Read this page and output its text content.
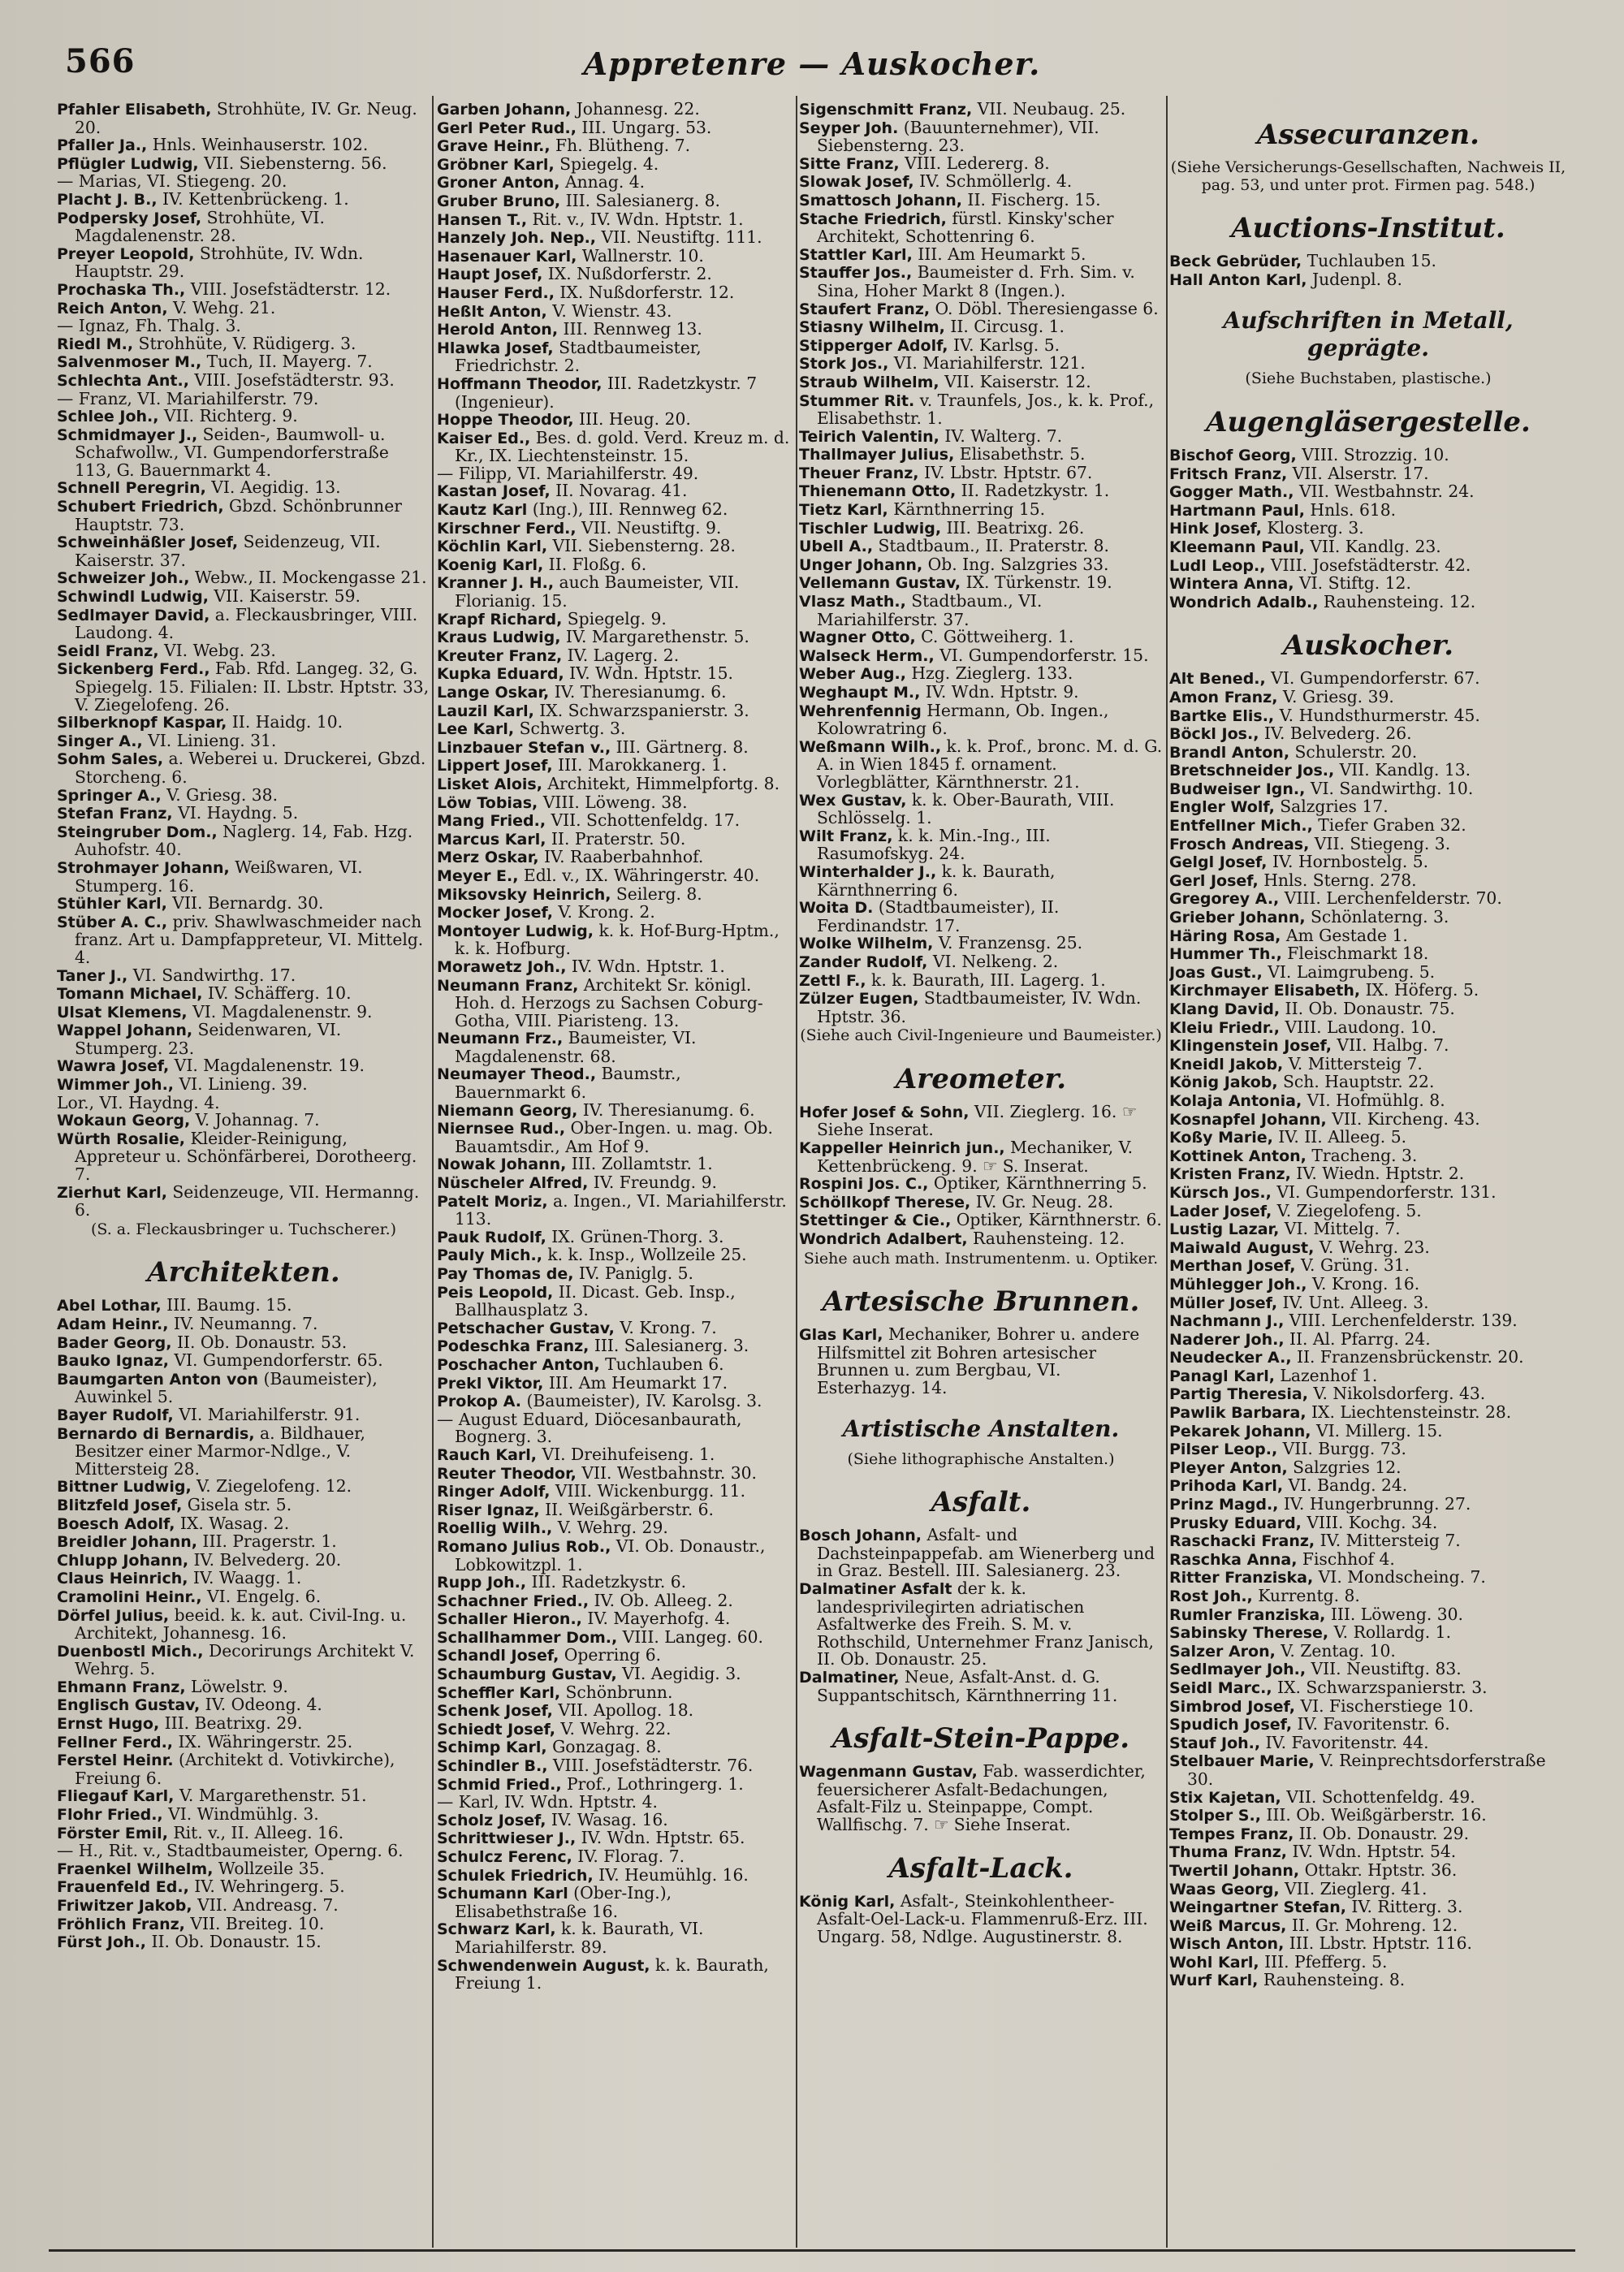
566	Appretenre — Auskocher.
Pfahler Elisabeth, Strohhüte, IV. Gr. Neug. 20.
Pfaller Ja., Hnls. Weinhauserstr. 102.
Pflügler Ludwig, VII. Siebensterng. 56.
— Marias, VI. Stiegeng. 20.
Placht J. B., IV. Kettenbrückeng. 1.
Podpersky Josef, Strohhüte, VI. Magdalenenstr. 28.
Preyer Leopold, Strohhüte, IV. Wdn. Hauptstr. 29.
Prochaska Th., VIII. Josefstädterstr. 12.
Reich Anton, V. Wehg. 21.
— Ignaz, Fh. Thalg. 3.
Riedl M., Strohhüte, V. Rüdigerg. 3.
Salvenmoser M., Tuch, II. Mayerg. 7.
Schlechta Ant., VIII. Josefstädterstr. 93.
— Franz, VI. Mariahilferstr. 79.
Schlee Joh., VII. Richterg. 9.
Schmidmayer J., Seiden-, Baumwoll- u. Schafwollw., VI. Gumpendorferstraße 113, G. Bauernmarkt 4.
Schnell Peregrin, VI. Aegidig. 13.
Schubert Friedrich, Gbzd. Schönbrunner Hauptstr. 73.
Schweinhäßler Josef, Seidenzeug, VII. Kaiserstr. 37.
Schweizer Joh., Webw., II. Mockengasse 21.
Schwindl Ludwig, VII. Kaiserstr. 59.
Sedlmayer David, a. Fleckausbringer, VIII. Laudong. 4.
Seidl Franz, VI. Webg. 23.
Sickenberg Ferd., Fab. Rfd. Langeg. 32, G. Spiegelg. 15. Filialen: II. Lbstr. Hptstr. 33, V. Ziegelofeng. 26.
Silberknopf Kaspar, II. Haidg. 10.
Singer A., VI. Linieng. 31.
Sohm Sales, a. Weberei u. Druckerei, Gbzd. Storcheng. 6.
Springer A., V. Griesg. 38.
Stefan Franz, VI. Haydng. 5.
Steingruber Dom., Naglerg. 14, Fab. Hzg. Auhofstr. 40.
Strohmayer Johann, Weißwaren, VI. Stumperg. 16.
Stühler Karl, VII. Bernardg. 30.
Stüber A. C., priv. Shawlwaschmeider nach franz. Art u. Dampfappreteur, VI. Mittelg. 4.
Taner J., VI. Sandwirthg. 17.
Tomann Michael, IV. Schäfferg. 10.
Ulsat Klemens, VI. Magdalenenstr. 9.
Wappel Johann, Seidenwaren, VI. Stumperg. 23.
Wawra Josef, VI. Magdalenenstr. 19.
Wimmer Joh., VI. Linieng. 39.
Lor., VI. Haydng. 4.
Wokaun Georg, V. Johannag. 7.
Würth Rosalie, Kleider-Reinigung, Appreteur u. Schönfärberei, Dorotheerg. 7.
Zierhut Karl, Seidenzeuge, VII. Hermanng. 6.
(S. a. Fleckausbringer u. Tuchscherer.)
Architekten.
Abel Lothar, III. Baumg. 15.
Adam Heinr., IV. Neumanng. 7.
Bader Georg, II. Ob. Donaustr. 53.
Bauko Ignaz, VI. Gumpendorferstr. 65.
Baumgarten Anton von (Baumeister), Auwinkel 5.
Bayer Rudolf, VI. Mariahilferstr. 91.
Bernardo di Bernardis, a. Bildhauer, Besitzer einer Marmor-Ndlge., V. Mittersteig 28.
Bittner Ludwig, V. Ziegelofeng. 12.
Blitzfeld Josef, Gisela str. 5.
Boesch Adolf, IX. Wasag. 2.
Breidler Johann, III. Pragerstr. 1.
Chlupp Johann, IV. Belvederg. 20.
Claus Heinrich, IV. Waagg. 1.
Cramolini Heinr., VI. Engelg. 6.
Dörfel Julius, beeid. k. k. aut. Civil-Ing. u. Architekt, Johannesg. 16.
Duenbostl Mich., Decorirungs Architekt V. Wehrg. 5.
Ehmann Franz, Löwelstr. 9.
Englisch Gustav, IV. Odeong. 4.
Ernst Hugo, III. Beatrixg. 29.
Fellner Ferd., IX. Währingerstr. 25.
Ferstel Heinr. (Architekt d. Votivkirche), Freiung 6.
Fliegauf Karl, V. Margarethenstr. 51.
Flohr Fried., VI. Windmühlg. 3.
Förster Emil, Rit. v., II. Alleeg. 16.
— H., Rit. v., Stadtbaumeister, Operng. 6.
Fraenkel Wilhelm, Wollzeile 35.
Frauenfeld Ed., IV. Wehringerg. 5.
Friwitzer Jakob, VII. Andreasg. 7.
Fröhlich Franz, VII. Breiteg. 10.
Fürst Joh., II. Ob. Donaustr. 15.
Garben Johann, Johannesg. 22.
Gerl Peter Rud., III. Ungarg. 53.
Grave Heinr., Fh. Blütheng. 7.
Gröbner Karl, Spiegelg. 4.
Groner Anton, Annag. 4.
Gruber Bruno, III. Salesianerg. 8.
Hansen T., Rit. v., IV. Wdn. Hptstr. 1.
Hanzely Joh. Nep., VII. Neustiftg. 111.
Hasenauer Karl, Wallnerstr. 10.
Haupt Josef, IX. Nußdorferstr. 2.
Hauser Ferd., IX. Nußdorferstr. 12.
Heßlt Anton, V. Wienstr. 43.
Herold Anton, III. Rennweg 13.
Hlawka Josef, Stadtbaumeister, Friedrichstr. 2.
Hoffmann Theodor, III. Radetzkystr. 7 (Ingenieur).
Hoppe Theodor, III. Heug. 20.
Kaiser Ed., Bes. d. gold. Verd. Kreuz m. d. Kr., IX. Liechtensteinstr. 15.
— Filipp, VI. Mariahilferstr. 49.
Kastan Josef, II. Novarag. 41.
Kautz Karl (Ing.), III. Rennweg 62.
Kirschner Ferd., VII. Neustiftg. 9.
Köchlin Karl, VII. Siebensterng. 28.
Koenig Karl, II. Floßg. 6.
Kranner J. H., auch Baumeister, VII. Florianig. 15.
Krapf Richard, Spiegelg. 9.
Kraus Ludwig, IV. Margarethenstr. 5.
Kreuter Franz, IV. Lagerg. 2.
Kupka Eduard, IV. Wdn. Hptstr. 15.
Lange Oskar, IV. Theresianumg. 6.
Lauzil Karl, IX. Schwarzspanierstr. 3.
Lee Karl, Schwertg. 3.
Linzbauer Stefan v., III. Gärtnerg. 8.
Lippert Josef, III. Marokkanerg. 1.
Lisket Alois, Architekt, Himmelpfortg. 8.
Löw Tobias, VIII. Löweng. 38.
Mang Fried., VII. Schottenfeldg. 17.
Marcus Karl, II. Praterstr. 50.
Merz Oskar, IV. Raaberbahnhof.
Meyer E., Edl. v., IX. Währingerstr. 40.
Miksovsky Heinrich, Seilerg. 8.
Mocker Josef, V. Krong. 2.
Montoyer Ludwig, k. k. Hof-Burg-Hptm., k. k. Hofburg.
Morawetz Joh., IV. Wdn. Hptstr. 1.
Neumann Franz, Architekt Sr. königl. Hoh. d. Herzogs zu Sachsen Coburg-Gotha, VIII. Piaristeng. 13.
Neumann Frz., Baumeister, VI. Magdalenenstr. 68.
Neumayer Theod., Baumstr., Bauernmarkt 6.
Niemann Georg, IV. Theresianumg. 6.
Niernsee Rud., Ober-Ingen. u. mag. Ob. Bauamtsdir., Am Hof 9.
Nowak Johann, III. Zollamtstr. 1.
Nüscheler Alfred, IV. Freundg. 9.
Patelt Moriz, a. Ingen., VI. Mariahilferstr. 113.
Pauk Rudolf, IX. Grünen-Thorg. 3.
Pauly Mich., k. k. Insp., Wollzeile 25.
Pay Thomas de, IV. Paniglg. 5.
Peis Leopold, II. Dicast. Geb. Insp., Ballhausplatz 3.
Petschacher Gustav, V. Krong. 7.
Podeschka Franz, III. Salesianerg. 3.
Poschacher Anton, Tuchlauben 6.
Prekl Viktor, III. Am Heumarkt 17.
Prokop A. (Baumeister), IV. Karolsg. 3.
— August Eduard, Diöcesanbaurath, Bognerg. 3.
Rauch Karl, VI. Dreihufeiseng. 1.
Reuter Theodor, VII. Westbahnstr. 30.
Ringer Adolf, VIII. Wickenburgg. 11.
Riser Ignaz, II. Weißgärberstr. 6.
Roellig Wilh., V. Wehrg. 29.
Romano Julius Rob., VI. Ob. Donaustr., Lobkowitzpl. 1.
Rupp Joh., III. Radetzkystr. 6.
Schachner Fried., IV. Ob. Alleeg. 2.
Schaller Hieron., IV. Mayerhofg. 4.
Schallhammer Dom., VIII. Langeg. 60.
Schandl Josef, Operring 6.
Schaumburg Gustav, VI. Aegidig. 3.
Scheffler Karl, Schönbrunn.
Schenk Josef, VII. Apollog. 18.
Schiedt Josef, V. Wehrg. 22.
Schimp Karl, Gonzagag. 8.
Schindler B., VIII. Josefstädterstr. 76.
Schmid Fried., Prof., Lothringerg. 1.
— Karl, IV. Wdn. Hptstr. 4.
Scholz Josef, IV. Wasag. 16.
Schrittwieser J., IV. Wdn. Hptstr. 65.
Schulcz Ferenc, IV. Florag. 7.
Schulek Friedrich, IV. Heumühlg. 16.
Schumann Karl (Ober-Ing.), Elisabethstraße 16.
Schwarz Karl, k. k. Baurath, VI. Mariahilferstr. 89.
Schwendenwein August, k. k. Baurath, Freiung 1.
Sigenschmitt Franz, VII. Neubaug. 25.
Seyper Joh. (Bauunternehmer), VII. Siebensterng. 23.
Sitte Franz, VIII. Ledererg. 8.
Slowak Josef, IV. Schmöllerlg. 4.
Smattosch Johann, II. Fischerg. 15.
Stache Friedrich, fürstl. Kinsky'scher Architekt, Schottenring 6.
Stattler Karl, III. Am Heumarkt 5.
Stauffer Jos., Baumeister d. Frh. Sim. v. Sina, Hoher Markt 8 (Ingen.).
Staufert Franz, O. Döbl. Theresiengasse 6.
Stiasny Wilhelm, II. Circusg. 1.
Stipperger Adolf, IV. Karlsg. 5.
Stork Jos., VI. Mariahilferstr. 121.
Straub Wilhelm, VII. Kaiserstr. 12.
Stummer Rit. v. Traunfels, Jos., k. k. Prof., Elisabethstr. 1.
Teirich Valentin, IV. Walterg. 7.
Thallmayer Julius, Elisabethstr. 5.
Theuer Franz, IV. Lbstr. Hptstr. 67.
Thienemann Otto, II. Radetzkystr. 1.
Tietz Karl, Kärnthnerring 15.
Tischler Ludwig, III. Beatrixg. 26.
Ubell A., Stadtbaum., II. Praterstr. 8.
Unger Johann, Ob. Ing. Salzgries 33.
Vellemann Gustav, IX. Türkenstr. 19.
Vlasz Math., Stadtbaum., VI. Mariahilferstr. 37.
Wagner Otto, C. Göttweiherg. 1.
Walseck Herm., VI. Gumpendorferstr. 15.
Weber Aug., Hzg. Zieglerg. 133.
Weghaupt M., IV. Wdn. Hptstr. 9.
Wehrenfennig Hermann, Ob. Ingen., Kolowratring 6.
Weßmann Wilh., k. k. Prof., bronc. M. d. G. A. in Wien 1845 f. ornament. Vorlegblätter, Kärnthnerstr. 21.
Wex Gustav, k. k. Ober-Baurath, VIII. Schlösselg. 1.
Wilt Franz, k. k. Min.-Ing., III. Rasumofskyg. 24.
Winterhalder J., k. k. Baurath, Kärnthnerring 6.
Woita D. (Stadtbaumeister), II. Ferdinandstr. 17.
Wolke Wilhelm, V. Franzensg. 25.
Zander Rudolf, VI. Nelkeng. 2.
Zettl F., k. k. Baurath, III. Lagerg. 1.
Zülzer Eugen, Stadtbaumeister, IV. Wdn. Hptstr. 36.
(Siehe auch Civil-Ingenieure und Baumeister.)
Areometer.
Hofer Josef & Sohn, VII. Zieglerg. 16. ☞ Siehe Inserat.
Kappeller Heinrich jun., Mechaniker, V. Kettenbrückeng. 9. ☞ S. Inserat.
Rospini Jos. C., Optiker, Kärnthnerring 5.
Schöllkopf Therese, IV. Gr. Neug. 28.
Stettinger & Cie., Optiker, Kärnthnerstr. 6.
Wondrich Adalbert, Rauhensteing. 12.
Siehe auch math. Instrumentenm. u. Optiker.
Artesische Brunnen.
Glas Karl, Mechaniker, Bohrer u. andere Hilfsmittel zit Bohren artesischer Brunnen u. zum Bergbau, VI. Esterhazyg. 14.
Artistische Anstalten.
(Siehe lithographische Anstalten.)
Asfalt.
Bosch Johann, Asfalt- und Dachsteinpappefab. am Wienerberg und in Graz. Bestell. III. Salesianerg. 23.
Dalmatiner Asfalt der k. k. landesprivilegirten adriatischen Asfaltwerke des Freih. S. M. v. Rothschild, Unternehmer Franz Janisch, II. Ob. Donaustr. 25.
Dalmatiner, Neue, Asfalt-Anst. d. G. Suppantschitsch, Kärnthnerring 11.
Asfalt-Stein-Pappe.
Wagenmann Gustav, Fab. wasserdichter, feuersicherer Asfalt-Bedachungen, Asfalt-Filz u. Steinpappe, Compt. Wallfischg. 7. ☞ Siehe Inserat.
Asfalt-Lack.
König Karl, Asfalt-, Steinkohlentheer-Asfalt-Oel-Lack-u. Flammenruß-Erz. III. Ungarg. 58, Ndlge. Augustinerstr. 8.
Assecuranzen.
(Siehe Versicherungs-Gesellschaften, Nachweis II, pag. 53, und unter prot. Firmen pag. 548.)
Auctions-Institut.
Beck Gebrüder, Tuchlauben 15.
Hall Anton Karl, Judenpl. 8.
Aufschriften in Metall, geprägte.
(Siehe Buchstaben, plastische.)
Augengläsergestelle.
Bischof Georg, VIII. Strozzig. 10.
Fritsch Franz, VII. Alserstr. 17.
Gogger Math., VII. Westbahnstr. 24.
Hartmann Paul, Hnls. 618.
Hink Josef, Klosterg. 3.
Kleemann Paul, VII. Kandlg. 23.
Ludl Leop., VIII. Josefstädterstr. 42.
Wintera Anna, VI. Stiftg. 12.
Wondrich Adalb., Rauhensteing. 12.
Auskocher.
Alt Bened., VI. Gumpendorferstr. 67.
Amon Franz, V. Griesg. 39.
Bartke Elis., V. Hundsthurmerstr. 45.
Böckl Jos., IV. Belvederg. 26.
Brandl Anton, Schulerstr. 20.
Bretschneider Jos., VII. Kandlg. 13.
Budweiser Ign., VI. Sandwirthg. 10.
Engler Wolf, Salzgries 17.
Entfellner Mich., Tiefer Graben 32.
Frosch Andreas, VII. Stiegeng. 3.
Gelgl Josef, IV. Hornbostelg. 5.
Gerl Josef, Hnls. Sterng. 278.
Gregorey A., VIII. Lerchenfelderstr. 70.
Grieber Johann, Schönlaterng. 3.
Häring Rosa, Am Gestade 1.
Hummer Th., Fleischmarkt 18.
Joas Gust., VI. Laimgrubeng. 5.
Kirchmayer Elisabeth, IX. Höferg. 5.
Klang David, II. Ob. Donaustr. 75.
Kleiu Friedr., VIII. Laudong. 10.
Klingenstein Josef, VII. Halbg. 7.
Kneidl Jakob, V. Mittersteig 7.
König Jakob, Sch. Hauptstr. 22.
Kolaja Antonia, VI. Hofmühlg. 8.
Kosnapfel Johann, VII. Kircheng. 43.
Koßy Marie, IV. II. Alleeg. 5.
Kottinek Anton, Tracheng. 3.
Kristen Franz, IV. Wiedn. Hptstr. 2.
Kürsch Jos., VI. Gumpendorferstr. 131.
Lader Josef, V. Ziegelofeng. 5.
Lustig Lazar, VI. Mittelg. 7.
Maiwald August, V. Wehrg. 23.
Merthan Josef, V. Grüng. 31.
Mühlegger Joh., V. Krong. 16.
Müller Josef, IV. Unt. Alleeg. 3.
Nachmann J., VIII. Lerchenfelderstr. 139.
Naderer Joh., II. Al. Pfarrg. 24.
Neudecker A., II. Franzensbrückenstr. 20.
Panagl Karl, Lazenhof 1.
Partig Theresia, V. Nikolsdorferg. 43.
Pawlik Barbara, IX. Liechtensteinstr. 28.
Pekarek Johann, VI. Millerg. 15.
Pilser Leop., VII. Burgg. 73.
Pleyer Anton, Salzgries 12.
Prihoda Karl, VI. Bandg. 24.
Prinz Magd., IV. Hungerbrunng. 27.
Prusky Eduard, VIII. Kochg. 34.
Raschacki Franz, IV. Mittersteig 7.
Raschka Anna, Fischhof 4.
Ritter Franziska, VI. Mondscheing. 7.
Rost Joh., Kurrentg. 8.
Rumler Franziska, III. Löweng. 30.
Sabinsky Therese, V. Rollardg. 1.
Salzer Aron, V. Zentag. 10.
Sedlmayer Joh., VII. Neustiftg. 83.
Seidl Marc., IX. Schwarzspanierstr. 3.
Simbrod Josef, VI. Fischerstiege 10.
Spudich Josef, IV. Favoritenstr. 6.
Stauf Joh., IV. Favoritenstr. 44.
Stelbauer Marie, V. Reinprechtsdorferstraße 30.
Stix Kajetan, VII. Schottenfeldg. 49.
Stolper S., III. Ob. Weißgärberstr. 16.
Tempes Franz, II. Ob. Donaustr. 29.
Thuma Franz, IV. Wdn. Hptstr. 54.
Twertil Johann, Ottakr. Hptstr. 36.
Waas Georg, VII. Zieglerg. 41.
Weingartner Stefan, IV. Ritterg. 3.
Weiß Marcus, II. Gr. Mohreng. 12.
Wisch Anton, III. Lbstr. Hptstr. 116.
Wohl Karl, III. Pfefferg. 5.
Wurf Karl, Rauhensteing. 8.
